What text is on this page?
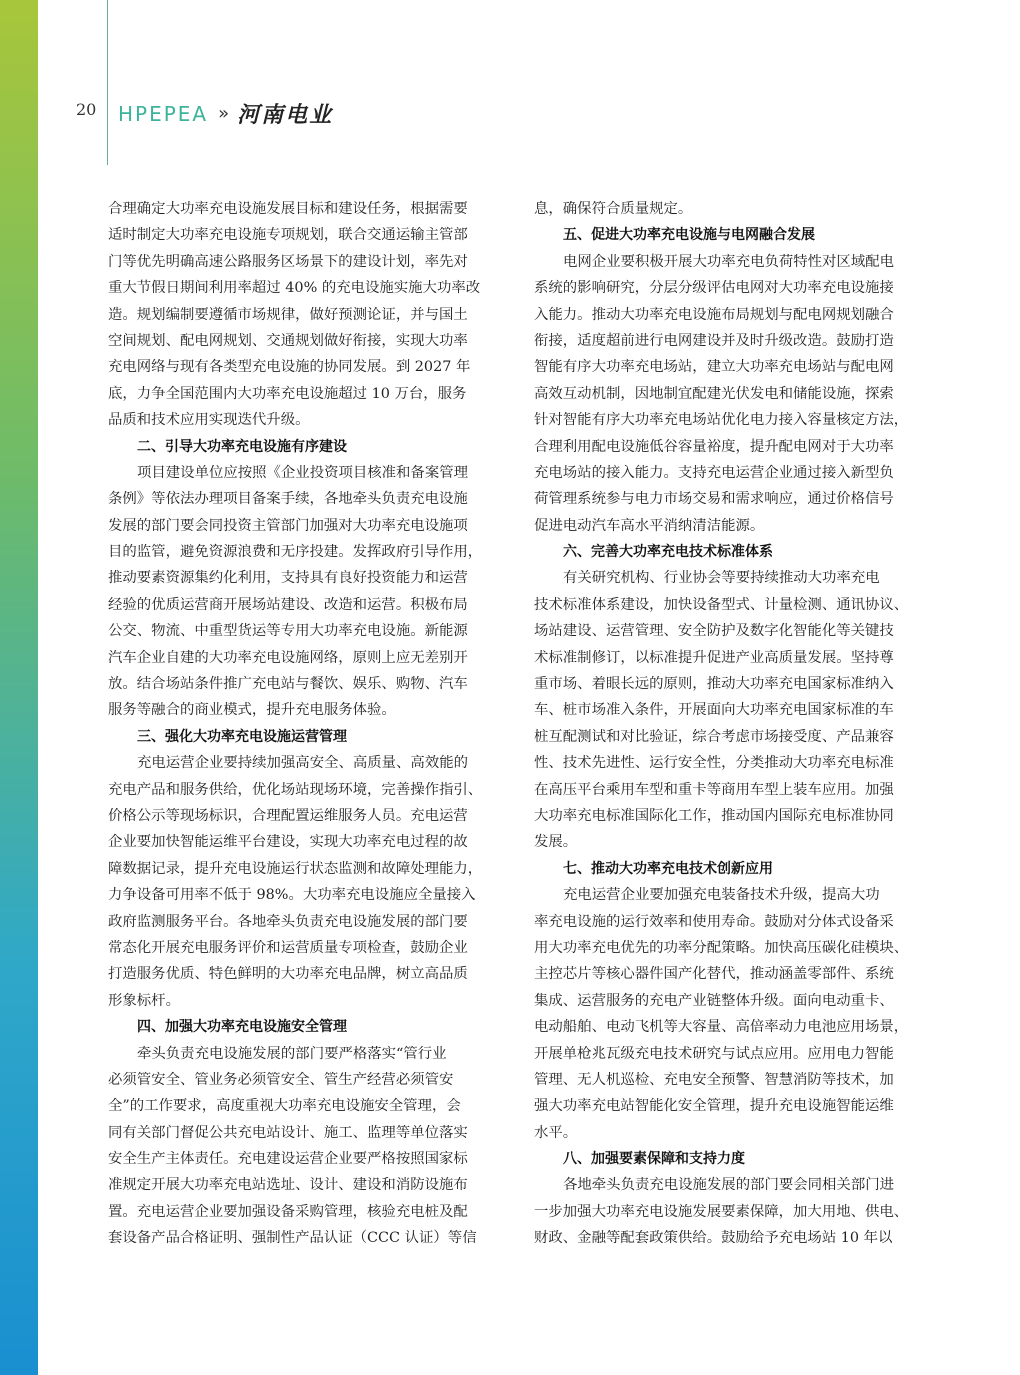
20 HPEPEA » 河南电业
合理确定大功率充电设施发展目标和建设任务，根据需要
适时制定大功率充电设施专项规划，联合交通运输主管部
门等优先明确高速公路服务区场景下的建设计划，率先对
重大节假日期间利用率超过 40% 的充电设施实施大功率改
造。规划编制要遵循市场规律，做好预测论证，并与国土
空间规划、配电网规划、交通规划做好衔接，实现大功率
充电网络与现有各类型充电设施的协同发展。到 2027 年
底，力争全国范围内大功率充电设施超过 10 万台，服务
品质和技术应用实现迭代升级。
二、引导大功率充电设施有序建设
项目建设单位应按照《企业投资项目核准和备案管理
条例》等依法办理项目备案手续，各地牵头负责充电设施
发展的部门要会同投资主管部门加强对大功率充电设施项
目的监管，避免资源浪费和无序投建。发挥政府引导作用，
推动要素资源集约化利用，支持具有良好投资能力和运营
经验的优质运营商开展场站建设、改造和运营。积极布局
公交、物流、中重型货运等专用大功率充电设施。新能源
汽车企业自建的大功率充电设施网络，原则上应无差别开
放。结合场站条件推广充电站与餐饮、娱乐、购物、汽车
服务等融合的商业模式，提升充电服务体验。
三、强化大功率充电设施运营管理
充电运营企业要持续加强高安全、高质量、高效能的
充电产品和服务供给，优化场站现场环境，完善操作指引、
价格公示等现场标识，合理配置运维服务人员。充电运营
企业要加快智能运维平台建设，实现大功率充电过程的故
障数据记录，提升充电设施运行状态监测和故障处理能力，
力争设备可用率不低于 98%。大功率充电设施应全量接入
政府监测服务平台。各地牵头负责充电设施发展的部门要
常态化开展充电服务评价和运营质量专项检查，鼓励企业
打造服务优质、特色鲜明的大功率充电品牌，树立高品质
形象标杆。
四、加强大功率充电设施安全管理
牵头负责充电设施发展的部门要严格落实“管行业
必须管安全、管业务必须管安全、管生产经营必须管安
全”的工作要求，高度重视大功率充电设施安全管理，会
同有关部门督促公共充电站设计、施工、监理等单位落实
安全生产主体责任。充电建设运营企业要严格按照国家标
准规定开展大功率充电站选址、设计、建设和消防设施布
置。充电运营企业要加强设备采购管理，核验充电桩及配
套设备产品合格证明、强制性产品认证（CCC 认证）等信
息，确保符合质量规定。
五、促进大功率充电设施与电网融合发展
电网企业要积极开展大功率充电负荷特性对区域配电
系统的影响研究，分层分级评估电网对大功率充电设施接
入能力。推动大功率充电设施布局规划与配电网规划融合
衔接，适度超前进行电网建设并及时升级改造。鼓励打造
智能有序大功率充电场站，建立大功率充电场站与配电网
高效互动机制，因地制宜配建光伏发电和储能设施，探索
针对智能有序大功率充电场站优化电力接入容量核定方法，
合理利用配电设施低谷容量裕度，提升配电网对于大功率
充电场站的接入能力。支持充电运营企业通过接入新型负
荷管理系统参与电力市场交易和需求响应，通过价格信号
促进电动汽车高水平消纳清洁能源。
六、完善大功率充电技术标准体系
有关研究机构、行业协会等要持续推动大功率充电
技术标准体系建设，加快设备型式、计量检测、通讯协议、
场站建设、运营管理、安全防护及数字化智能化等关键技
术标准制修订，以标准提升促进产业高质量发展。坚持尊
重市场、着眼长远的原则，推动大功率充电国家标准纳入
车、桩市场准入条件，开展面向大功率充电国家标准的车
桩互配测试和对比验证，综合考虑市场接受度、产品兼容
性、技术先进性、运行安全性，分类推动大功率充电标准
在高压平台乘用车型和重卡等商用车型上装车应用。加强
大功率充电标准国际化工作，推动国内国际充电标准协同
发展。
七、推动大功率充电技术创新应用
充电运营企业要加强充电装备技术升级，提高大功
率充电设施的运行效率和使用寿命。鼓励对分体式设备采
用大功率充电优先的功率分配策略。加快高压碳化硅模块、
主控芯片等核心器件国产化替代，推动涵盖零部件、系统
集成、运营服务的充电产业链整体升级。面向电动重卡、
电动船舶、电动飞机等大容量、高倍率动力电池应用场景，
开展单枪兆瓦级充电技术研究与试点应用。应用电力智能
管理、无人机巡检、充电安全预警、智慧消防等技术，加
强大功率充电站智能化安全管理，提升充电设施智能运维
水平。
八、加强要素保障和支持力度
各地牵头负责充电设施发展的部门要会同相关部门进
一步加强大功率充电设施发展要素保障，加大用地、供电、
财政、金融等配套政策供给。鼓励给予充电场站 10 年以
